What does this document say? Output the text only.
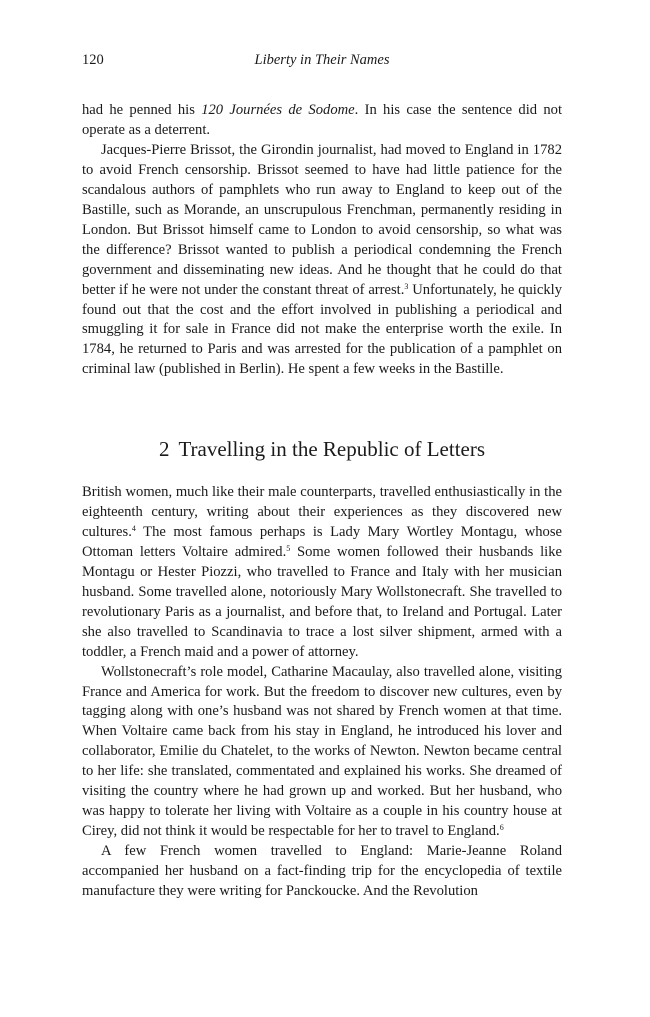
120	Liberty in Their Names

had he penned his 120 Journées de Sodome. In his case the sentence did not operate as a deterrent.

Jacques-Pierre Brissot, the Girondin journalist, had moved to England in 1782 to avoid French censorship. Brissot seemed to have had little patience for the scandalous authors of pamphlets who run away to England to keep out of the Bastille, such as Morande, an unscrupulous Frenchman, permanently residing in London. But Brissot himself came to London to avoid censorship, so what was the difference? Brissot wanted to publish a periodical condemning the French government and disseminating new ideas. And he thought that he could do that better if he were not under the constant threat of arrest.$^3$ Unfortunately, he quickly found out that the cost and the effort involved in publishing a periodical and smuggling it for sale in France did not make the enterprise worth the exile. In 1784, he returned to Paris and was arrested for the publication of a pamphlet on criminal law (published in Berlin). He spent a few weeks in the Bastille.

2 Travelling in the Republic of Letters

British women, much like their male counterparts, travelled enthusiastically in the eighteenth century, writing about their experiences as they discovered new cultures.$^4$ The most famous perhaps is Lady Mary Wortley Montagu, whose Ottoman letters Voltaire admired.$^5$ Some women followed their husbands like Montagu or Hester Piozzi, who travelled to France and Italy with her musician husband. Some travelled alone, notoriously Mary Wollstonecraft. She travelled to revolutionary Paris as a journalist, and before that, to Ireland and Portugal. Later she also travelled to Scandinavia to trace a lost silver shipment, armed with a toddler, a French maid and a power of attorney.

Wollstonecraft’s role model, Catharine Macaulay, also travelled alone, visiting France and America for work. But the freedom to discover new cultures, even by tagging along with one’s husband was not shared by French women at that time. When Voltaire came back from his stay in England, he introduced his lover and collaborator, Emilie du Chatelet, to the works of Newton. Newton became central to her life: she translated, commentated and explained his works. She dreamed of visiting the country where he had grown up and worked. But her husband, who was happy to tolerate her living with Voltaire as a couple in his country house at Cirey, did not think it would be respectable for her to travel to England.$^6$

A few French women travelled to England: Marie-Jeanne Roland accompanied her husband on a fact-finding trip for the encyclopedia of textile manufacture they were writing for Panckoucke. And the Revolution
